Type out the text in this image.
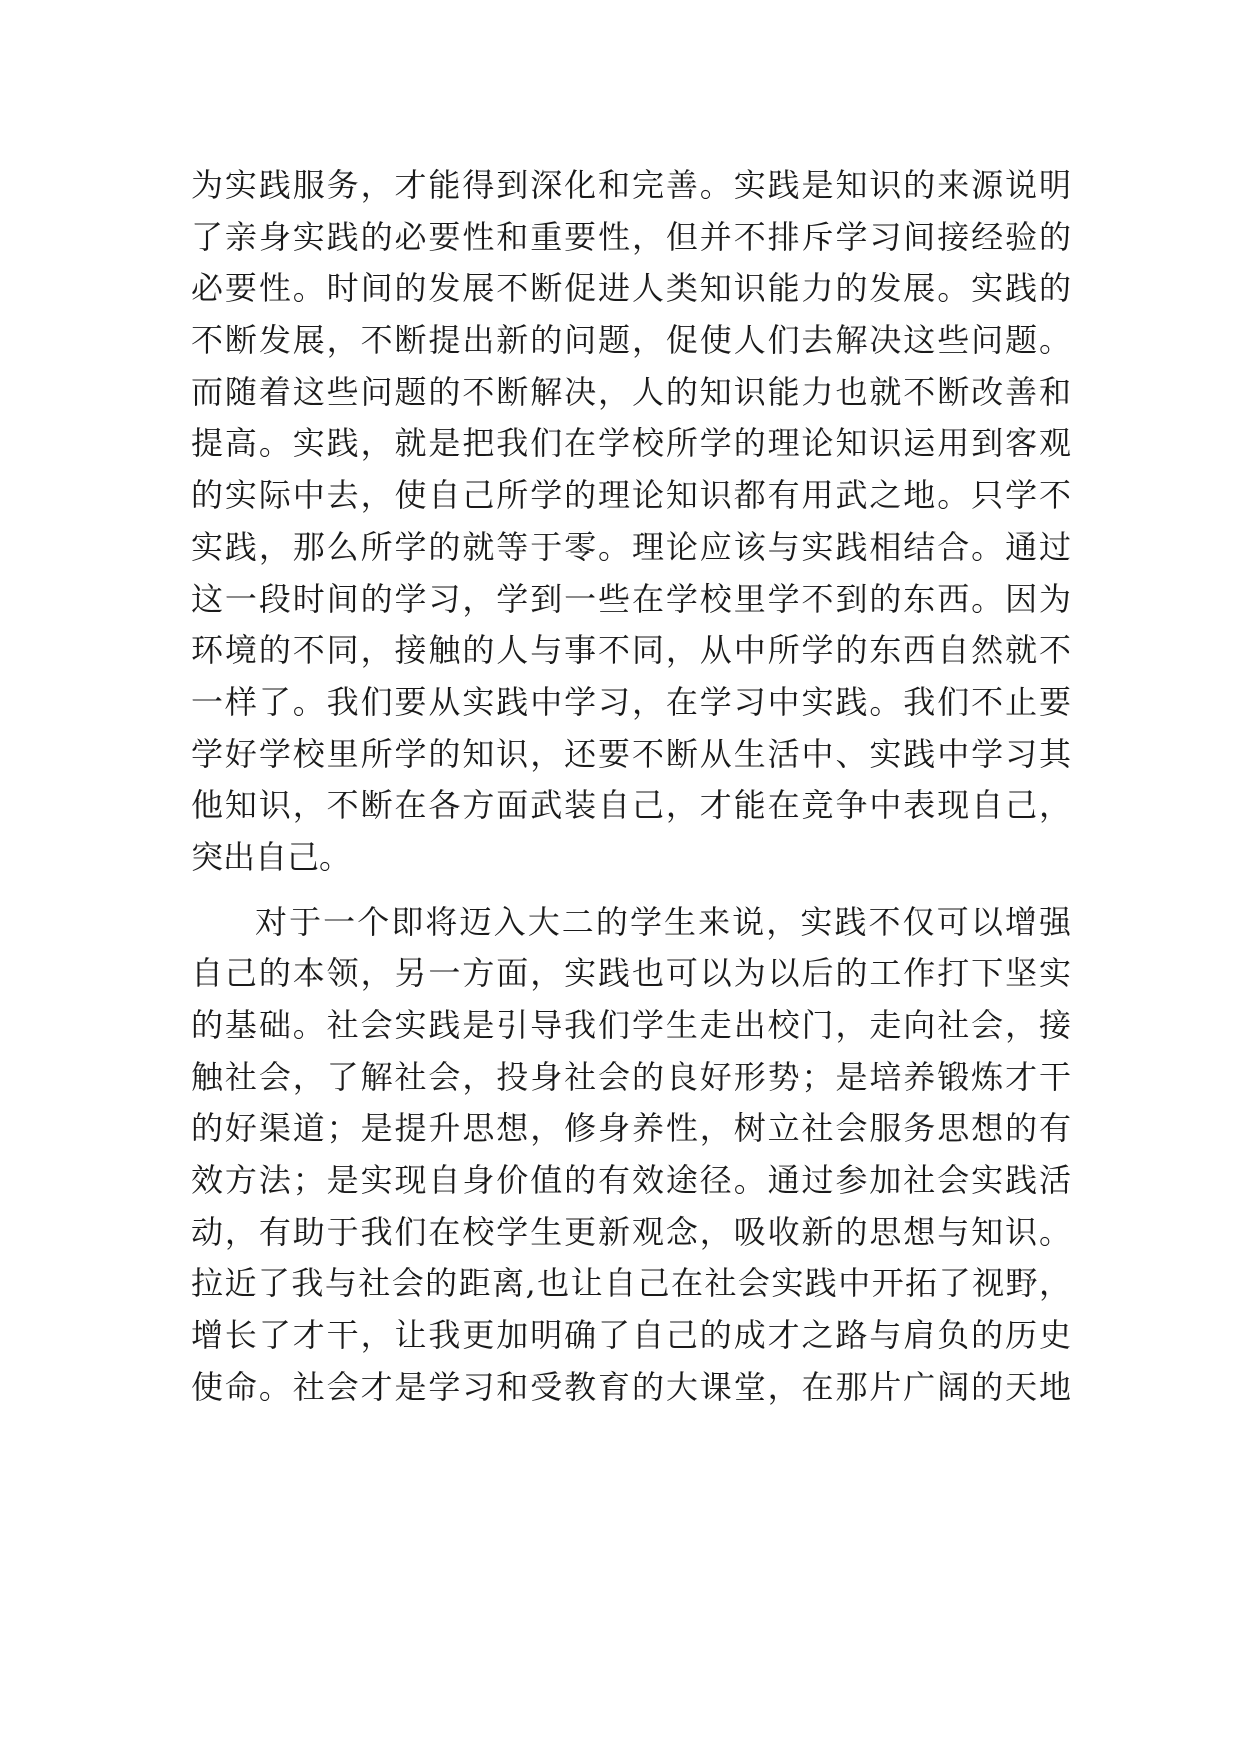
为实践服务，才能得到深化和完善。实践是知识的来源说明
了亲身实践的必要性和重要性，但并不排斥学习间接经验的
必要性。时间的发展不断促进人类知识能力的发展。实践的
不断发展，不断提出新的问题，促使人们去解决这些问题。
而随着这些问题的不断解决，人的知识能力也就不断改善和
提高。实践，就是把我们在学校所学的理论知识运用到客观
的实际中去，使自己所学的理论知识都有用武之地。只学不
实践，那么所学的就等于零。理论应该与实践相结合。通过
这一段时间的学习，学到一些在学校里学不到的东西。因为
环境的不同，接触的人与事不同，从中所学的东西自然就不
一样了。我们要从实践中学习，在学习中实践。我们不止要
学好学校里所学的知识，还要不断从生活中、实践中学习其
他知识，不断在各方面武装自己，才能在竞争中表现自己，
突出自己。
对于一个即将迈入大二的学生来说，实践不仅可以增强
自己的本领，另一方面，实践也可以为以后的工作打下坚实
的基础。社会实践是引导我们学生走出校门，走向社会，接
触社会，了解社会，投身社会的良好形势；是培养锻炼才干
的好渠道；是提升思想，修身养性，树立社会服务思想的有
效方法；是实现自身价值的有效途径。通过参加社会实践活
动，有助于我们在校学生更新观念，吸收新的思想与知识。
拉近了我与社会的距离,也让自己在社会实践中开拓了视野，
增长了才干，让我更加明确了自己的成才之路与肩负的历史
使命。社会才是学习和受教育的大课堂，在那片广阔的天地
